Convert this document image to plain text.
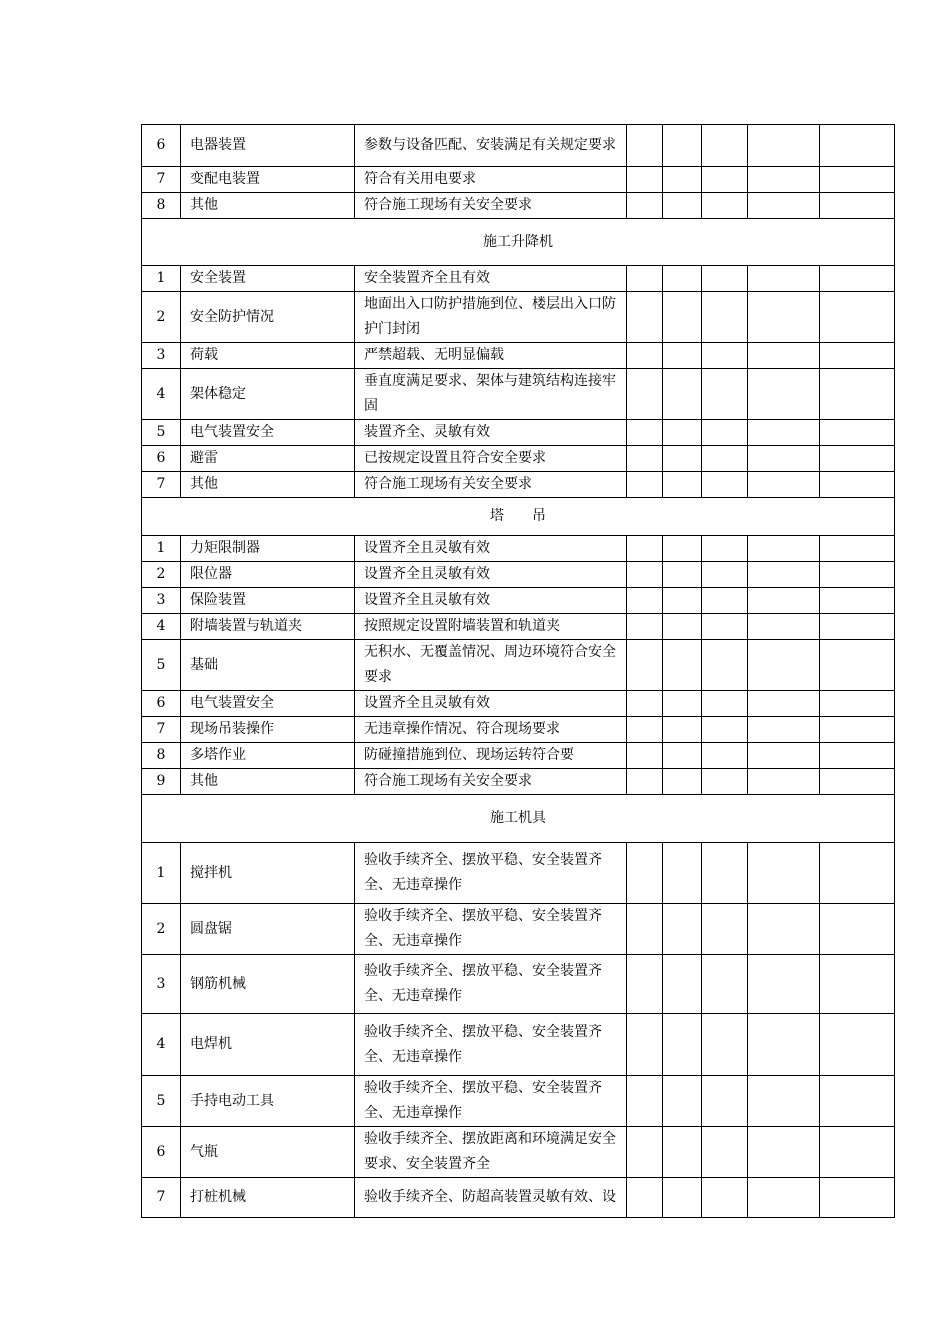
6	电器装置	参数与设备匹配、安装满足有关规定要求					
7	变配电装置	符合有关用电要求					
8	其他	符合施工现场有关安全要求					
施工升降机							
1	安全装置	安全装置齐全且有效					
2	安全防护情况	地面出入口防护措施到位、楼层出入口防护门封闭					
3	荷载	严禁超载、无明显偏载					
4	架体稳定	垂直度满足要求、架体与建筑结构连接牢固					
5	电气装置安全	装置齐全、灵敏有效					
6	避雷	已按规定设置且符合安全要求					
7	其他	符合施工现场有关安全要求					
塔　　吊							
1	力矩限制器	设置齐全且灵敏有效					
2	限位器	设置齐全且灵敏有效					
3	保险装置	设置齐全且灵敏有效					
4	附墙装置与轨道夹	按照规定设置附墙装置和轨道夹					
5	基础	无积水、无覆盖情况、周边环境符合安全要求					
6	电气装置安全	设置齐全且灵敏有效					
7	现场吊装操作	无违章操作情况、符合现场要求					
8	多塔作业	防碰撞措施到位、现场运转符合要					
9	其他	符合施工现场有关安全要求					
施工机具							
1	搅拌机	验收手续齐全、摆放平稳、安全装置齐全、无违章操作					
2	圆盘锯	验收手续齐全、摆放平稳、安全装置齐全、无违章操作					
3	钢筋机械	验收手续齐全、摆放平稳、安全装置齐全、无违章操作					
4	电焊机	验收手续齐全、摆放平稳、安全装置齐全、无违章操作					
5	手持电动工具	验收手续齐全、摆放平稳、安全装置齐全、无违章操作					
6	气瓶	验收手续齐全、摆放距离和环境满足安全要求、安全装置齐全					
7	打桩机械	验收手续齐全、防超高装置灵敏有效、设					
